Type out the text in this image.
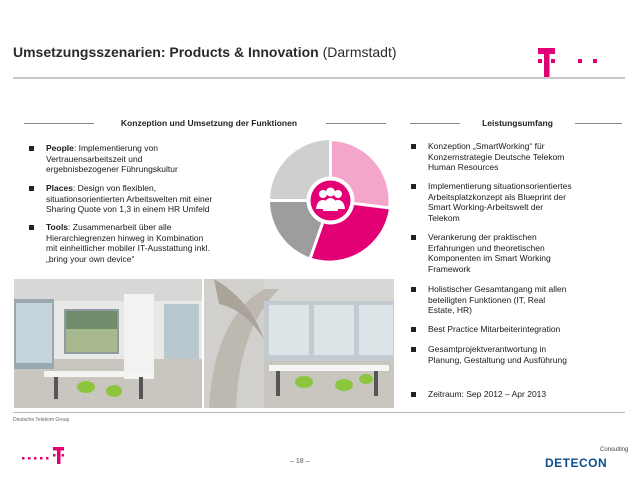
Umsetzungsszenarien: Products & Innovation (Darmstadt)
Konzeption und Umsetzung der Funktionen
People: Implementierung von
Vertrauensarbeitszeit und
ergebnisbezogener Führungskultur
Places: Design von flexiblen,
situationsorientierten Arbeitswelten mit einer
Sharing Quote von 1,3 in einem HR Umfeld
Tools: Zusammenarbeit über alle
Hierarchiegrenzen hinweg in Kombination
mit einheitlicher mobiler IT-Ausstattung inkl.
„bring your own device“
Leistungsumfang
Konzeption „SmartWorking“ für
Konzernstrategie Deutsche Telekom
Human Resources
Implementierung situationsorientiertes
Arbeitsplatzkonzept als Blueprint der
Smart Working-Arbeitswelt der
Telekom
Verankerung der praktischen
Erfahrungen und theoretischen
Komponenten im Smart Working
Framework
Holistischer Gesamtangang mit allen
beteiligten Funktionen (IT, Real
Estate, HR)
Best Practice Mitarbeiterintegration
Gesamtprojektverantwortung in
Planung, Gestaltung und Ausführung
Zeitraum: Sep 2012 – Apr 2013
Deutsche Telekom Group
– 18 –
Consulting
DETECON
